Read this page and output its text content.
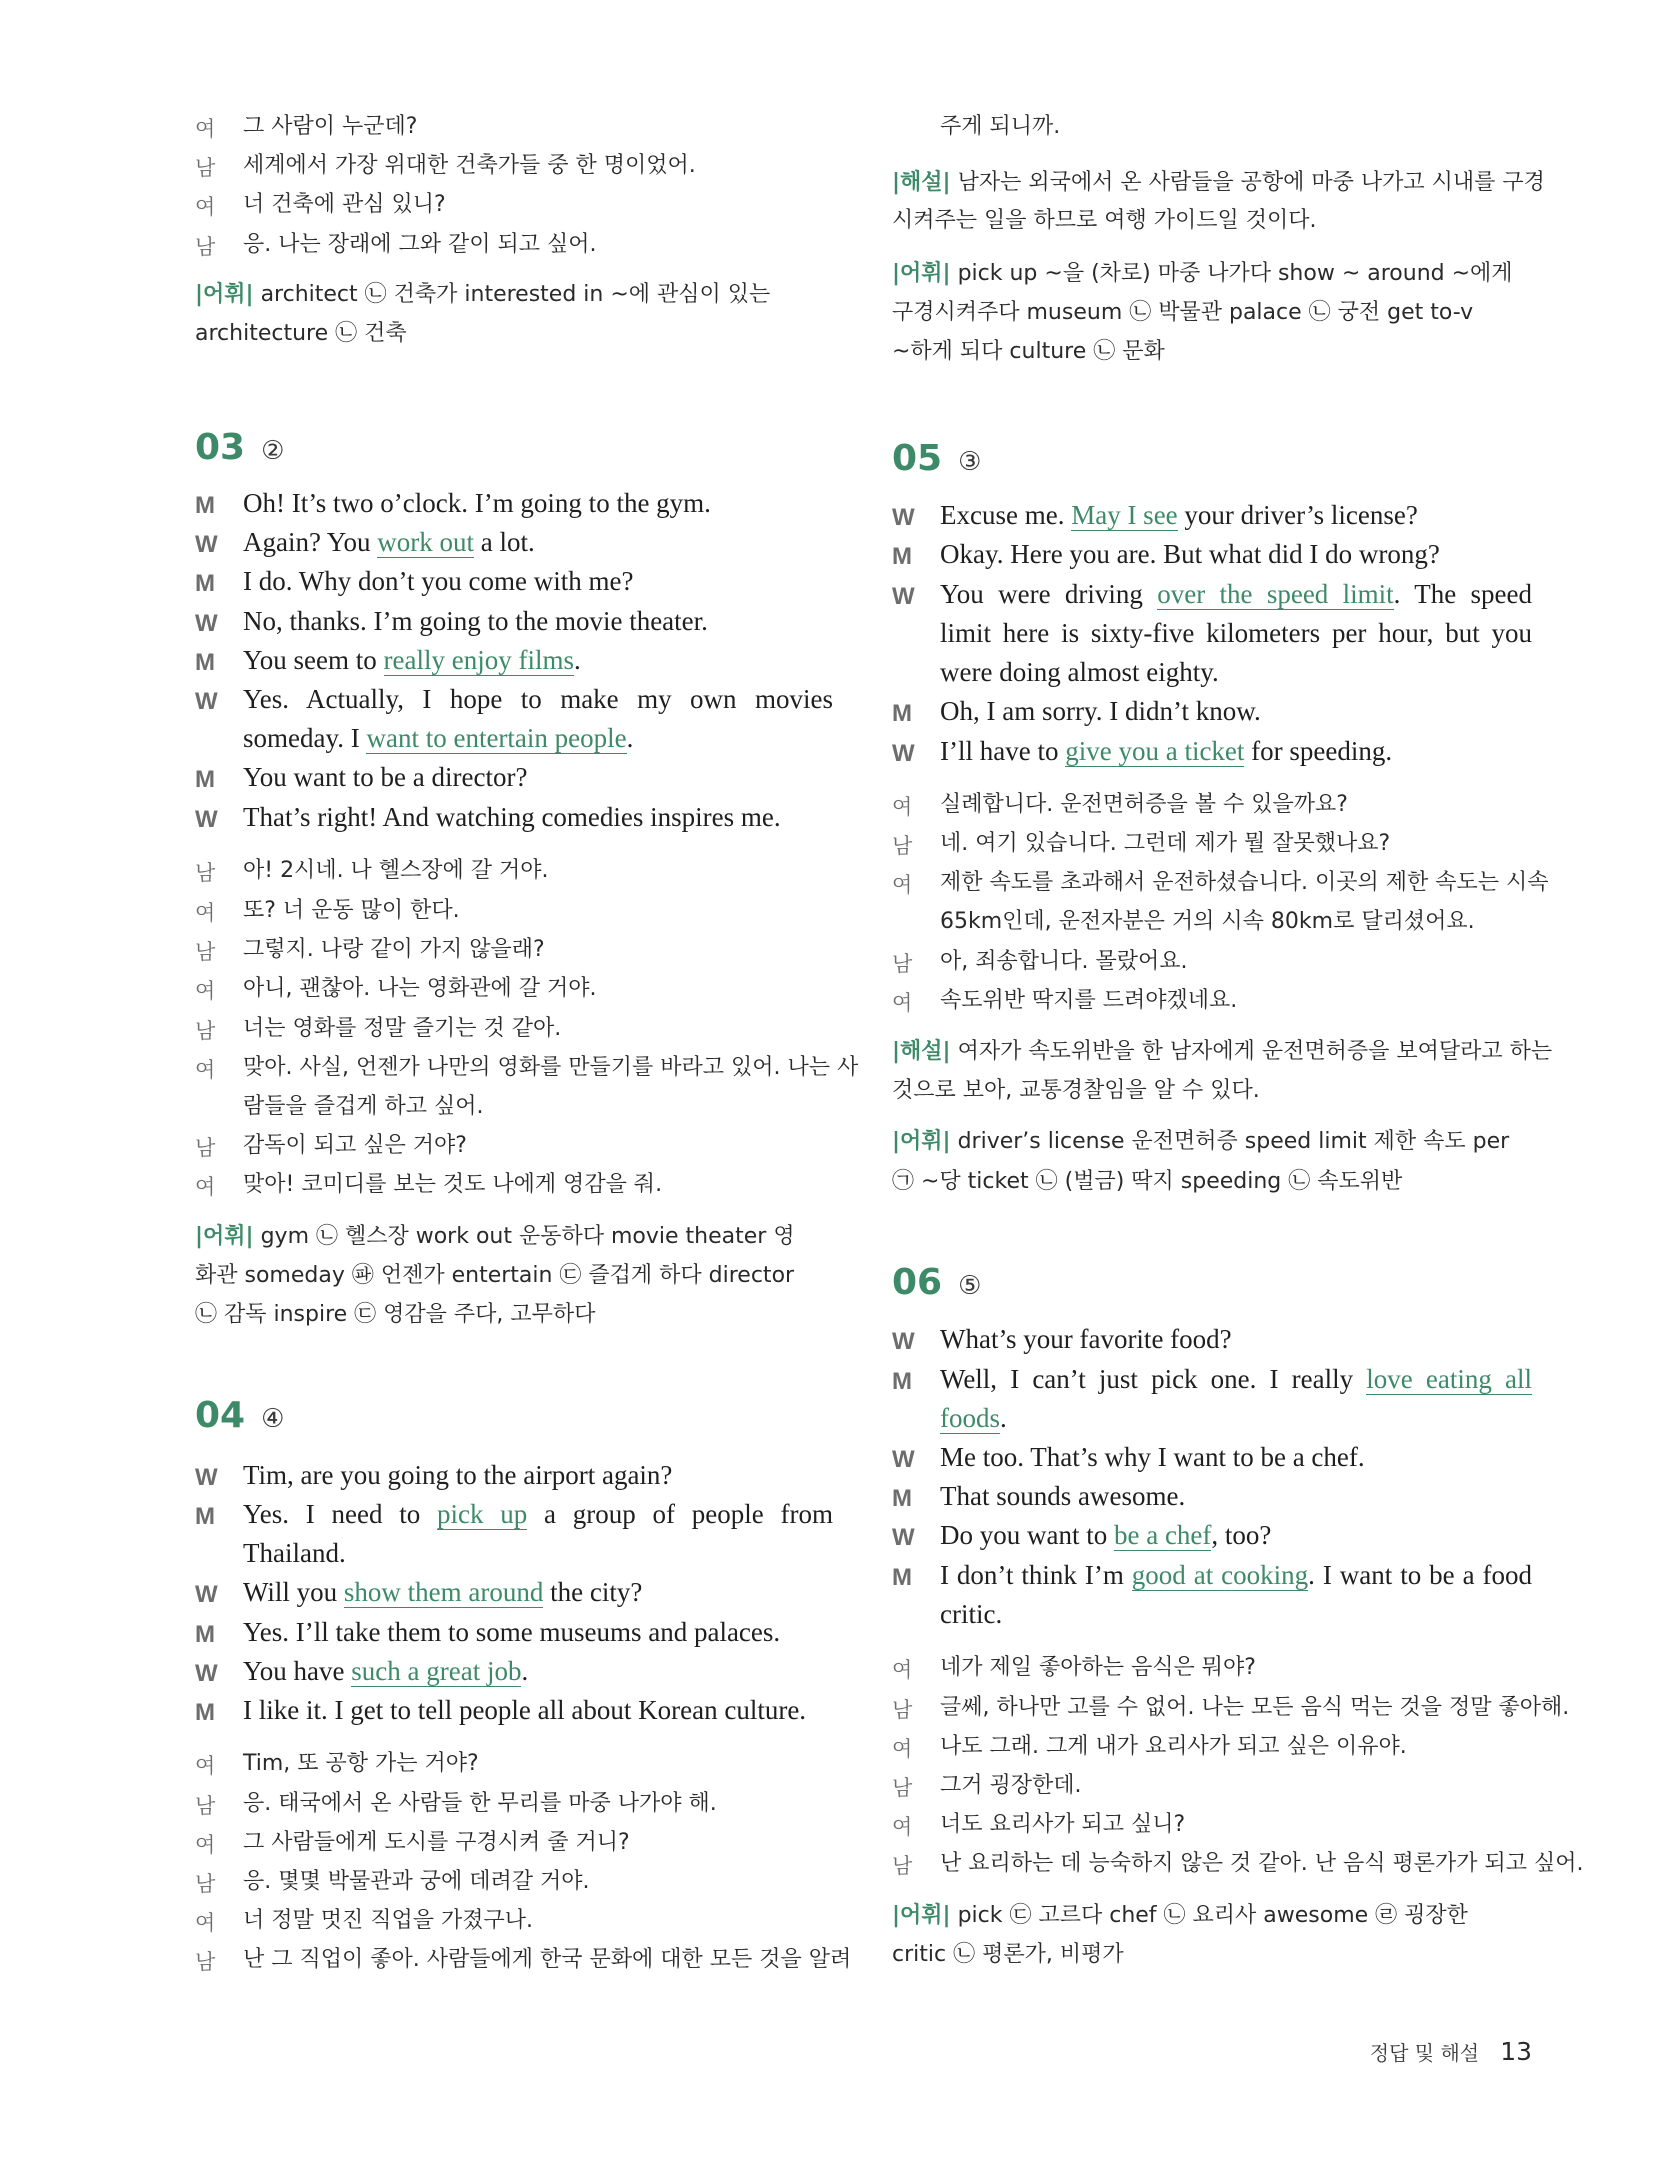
여 그 사람이 누군데?
남 세계에서 가장 위대한 건축가들 중 한 명이었어.
여 너 건축에 관심 있니?
남 응. 나는 장래에 그와 같이 되고 싶어.
|어휘| architect ㉡ 건축가 interested in ~에 관심이 있는
architecture ㉡ 건축
03 ②
M Oh! It’s two o’clock. I’m going to the gym.
W Again? You work out a lot.
M I do. Why don’t you come with me?
W No, thanks. I’m going to the movie theater.
M You seem to really enjoy films.
W Yes. Actually, I hope to make my own movies
someday. I want to entertain people.
M You want to be a director?
W That’s right! And watching comedies inspires me.
남 아! 2시네. 나 헬스장에 갈 거야.
여 또? 너 운동 많이 한다.
남 그렇지. 나랑 같이 가지 않을래?
여 아니, 괜찮아. 나는 영화관에 갈 거야.
남 너는 영화를 정말 즐기는 것 같아.
여 맞아. 사실, 언젠가 나만의 영화를 만들기를 바라고 있어. 나는 사
람들을 즐겁게 하고 싶어.
남 감독이 되고 싶은 거야?
여 맞아! 코미디를 보는 것도 나에게 영감을 줘.
|어휘| gym ㉡ 헬스장 work out 운동하다 movie theater 영
화관 someday ㉺ 언젠가 entertain ㉢ 즐겁게 하다 director
㉡ 감독 inspire ㉢ 영감을 주다, 고무하다
04 ④
W Tim, are you going to the airport again?
M Yes. I need to pick up a group of people from
Thailand.
W Will you show them around the city?
M Yes. I’ll take them to some museums and palaces.
W You have such a great job.
M I like it. I get to tell people all about Korean culture.
여 Tim, 또 공항 가는 거야?
남 응. 태국에서 온 사람들 한 무리를 마중 나가야 해.
여 그 사람들에게 도시를 구경시켜 줄 거니?
남 응. 몇몇 박물관과 궁에 데려갈 거야.
여 너 정말 멋진 직업을 가졌구나.
남 난 그 직업이 좋아. 사람들에게 한국 문화에 대한 모든 것을 알려
주게 되니까.
|해설| 남자는 외국에서 온 사람들을 공항에 마중 나가고 시내를 구경
시켜주는 일을 하므로 여행 가이드일 것이다.
|어휘| pick up ~을 (차로) 마중 나가다 show ~ around ~에게
구경시켜주다 museum ㉡ 박물관 palace ㉡ 궁전 get to-v
~하게 되다 culture ㉡ 문화
05 ③
W Excuse me. May I see your driver’s license?
M Okay. Here you are. But what did I do wrong?
W You were driving over the speed limit. The speed
limit here is sixty-five kilometers per hour, but you
were doing almost eighty.
M Oh, I am sorry. I didn’t know.
W I’ll have to give you a ticket for speeding.
여 실례합니다. 운전면허증을 볼 수 있을까요?
남 네. 여기 있습니다. 그런데 제가 뭘 잘못했나요?
여 제한 속도를 초과해서 운전하셨습니다. 이곳의 제한 속도는 시속
65km인데, 운전자분은 거의 시속 80km로 달리셨어요.
남 아, 죄송합니다. 몰랐어요.
여 속도위반 딱지를 드려야겠네요.
|해설| 여자가 속도위반을 한 남자에게 운전면허증을 보여달라고 하는
것으로 보아, 교통경찰임을 알 수 있다.
|어휘| driver’s license 운전면허증 speed limit 제한 속도 per
㉠ ~당 ticket ㉡ (벌금) 딱지 speeding ㉡ 속도위반
06 ⑤
W What’s your favorite food?
M Well, I can’t just pick one. I really love eating all
foods.
W Me too. That’s why I want to be a chef.
M That sounds awesome.
W Do you want to be a chef, too?
M I don’t think I’m good at cooking. I want to be a food
critic.
여 네가 제일 좋아하는 음식은 뭐야?
남 글쎄, 하나만 고를 수 없어. 나는 모든 음식 먹는 것을 정말 좋아해.
여 나도 그래. 그게 내가 요리사가 되고 싶은 이유야.
남 그거 굉장한데.
여 너도 요리사가 되고 싶니?
남 난 요리하는 데 능숙하지 않은 것 같아. 난 음식 평론가가 되고 싶어.
|어휘| pick ㉢ 고르다 chef ㉡ 요리사 awesome ㉣ 굉장한
critic ㉡ 평론가, 비평가
정답 및 해설 13
